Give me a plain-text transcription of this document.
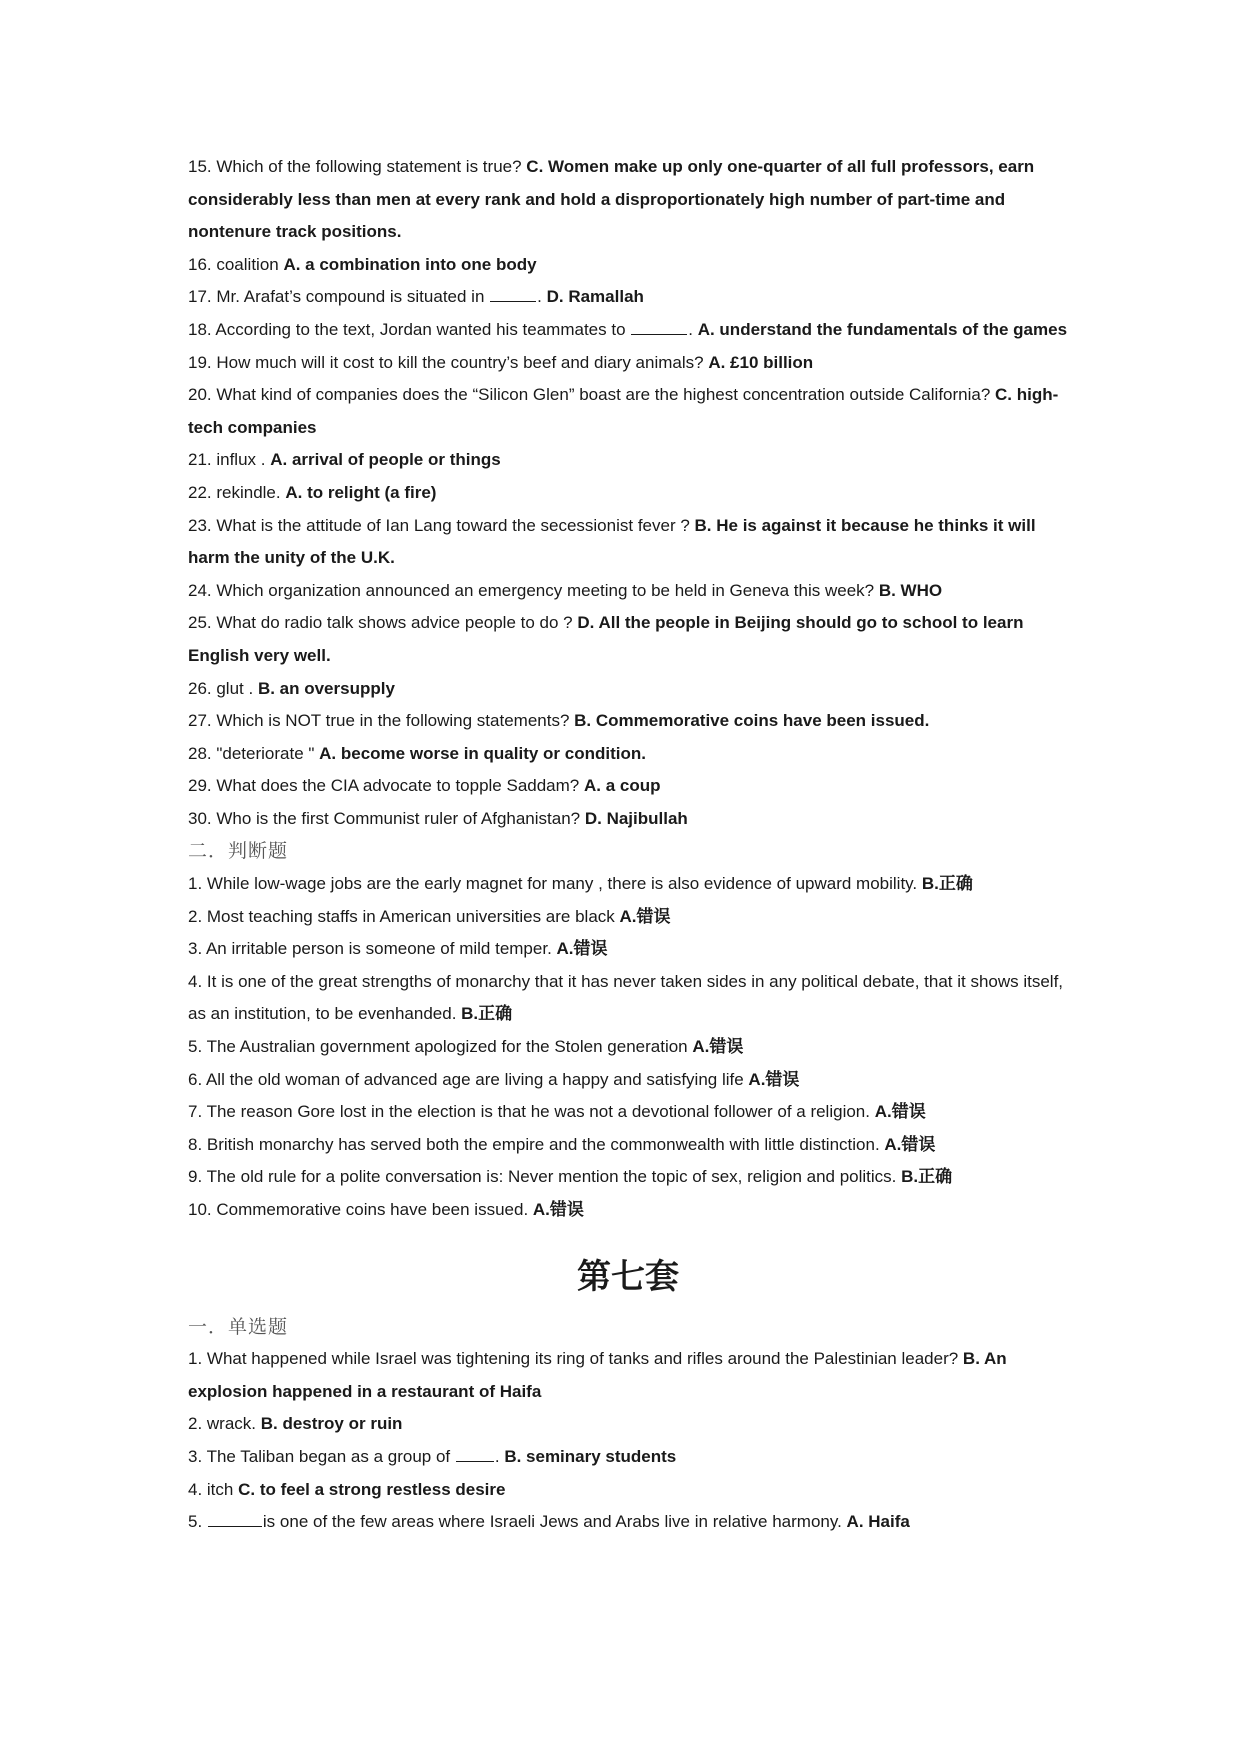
15. Which of the following statement is true? C. Women make up only one-quarter of all full professors, earn considerably less than men at every rank and hold a disproportionately high number of part-time and nontenure track positions.
16. coalition A. a combination into one body
17. Mr. Arafat’s compound is situated in	. D. Ramallah
18. According to the text, Jordan wanted his teammates to	. A. understand the fundamentals of the games
19. How much will it cost to kill the country’s beef and diary animals? A. £10 billion
20. What kind of companies does the “Silicon Glen” boast are the highest concentration outside California? C. high-tech companies
21. influx . A. arrival of people or things
22. rekindle. A. to relight (a fire)
23. What is the attitude of Ian Lang toward the secessionist fever ? B. He is against it because he thinks it will harm the unity of the U.K.
24. Which organization announced an emergency meeting to be held in Geneva this week? B. WHO
25. What do radio talk shows advice people to do ? D. All the people in Beijing should go to school to learn English very well.
26. glut . B. an oversupply
27. Which is NOT true in the following statements? B. Commemorative coins have been issued.
28. "deteriorate " A. become worse in quality or condition.
29. What does the CIA advocate to topple Saddam? A. a coup
30. Who is the first Communist ruler of Afghanistan? D. Najibullah
二．判断题
1. While low-wage jobs are the early magnet for many , there is also evidence of upward mobility. B.正确
2. Most teaching staffs in American universities are black A.错误
3. An irritable person is someone of mild temper. A.错误
4. It is one of the great strengths of monarchy that it has never taken sides in any political debate, that it shows itself, as an institution, to be evenhanded. B.正确
5. The Australian government apologized for the Stolen generation A.错误
6. All the old woman of advanced age are living a happy and satisfying life A.错误
7. The reason Gore lost in the election is that he was not a devotional follower of a religion. A.错误
8. British monarchy has served both the empire and the commonwealth with little distinction. A.错误
9. The old rule for a polite conversation is: Never mention the topic of sex, religion and politics. B.正确
10. Commemorative coins have been issued. A.错误
第七套
一．单选题
1. What happened while Israel was tightening its ring of tanks and rifles around the Palestinian leader? B. An explosion happened in a restaurant of Haifa
2. wrack. B. destroy or ruin
3. The Taliban began as a group of . B. seminary students
4. itch C. to feel a strong restless desire
5.	is one of the few areas where Israeli Jews and Arabs live in relative harmony. A. Haifa
